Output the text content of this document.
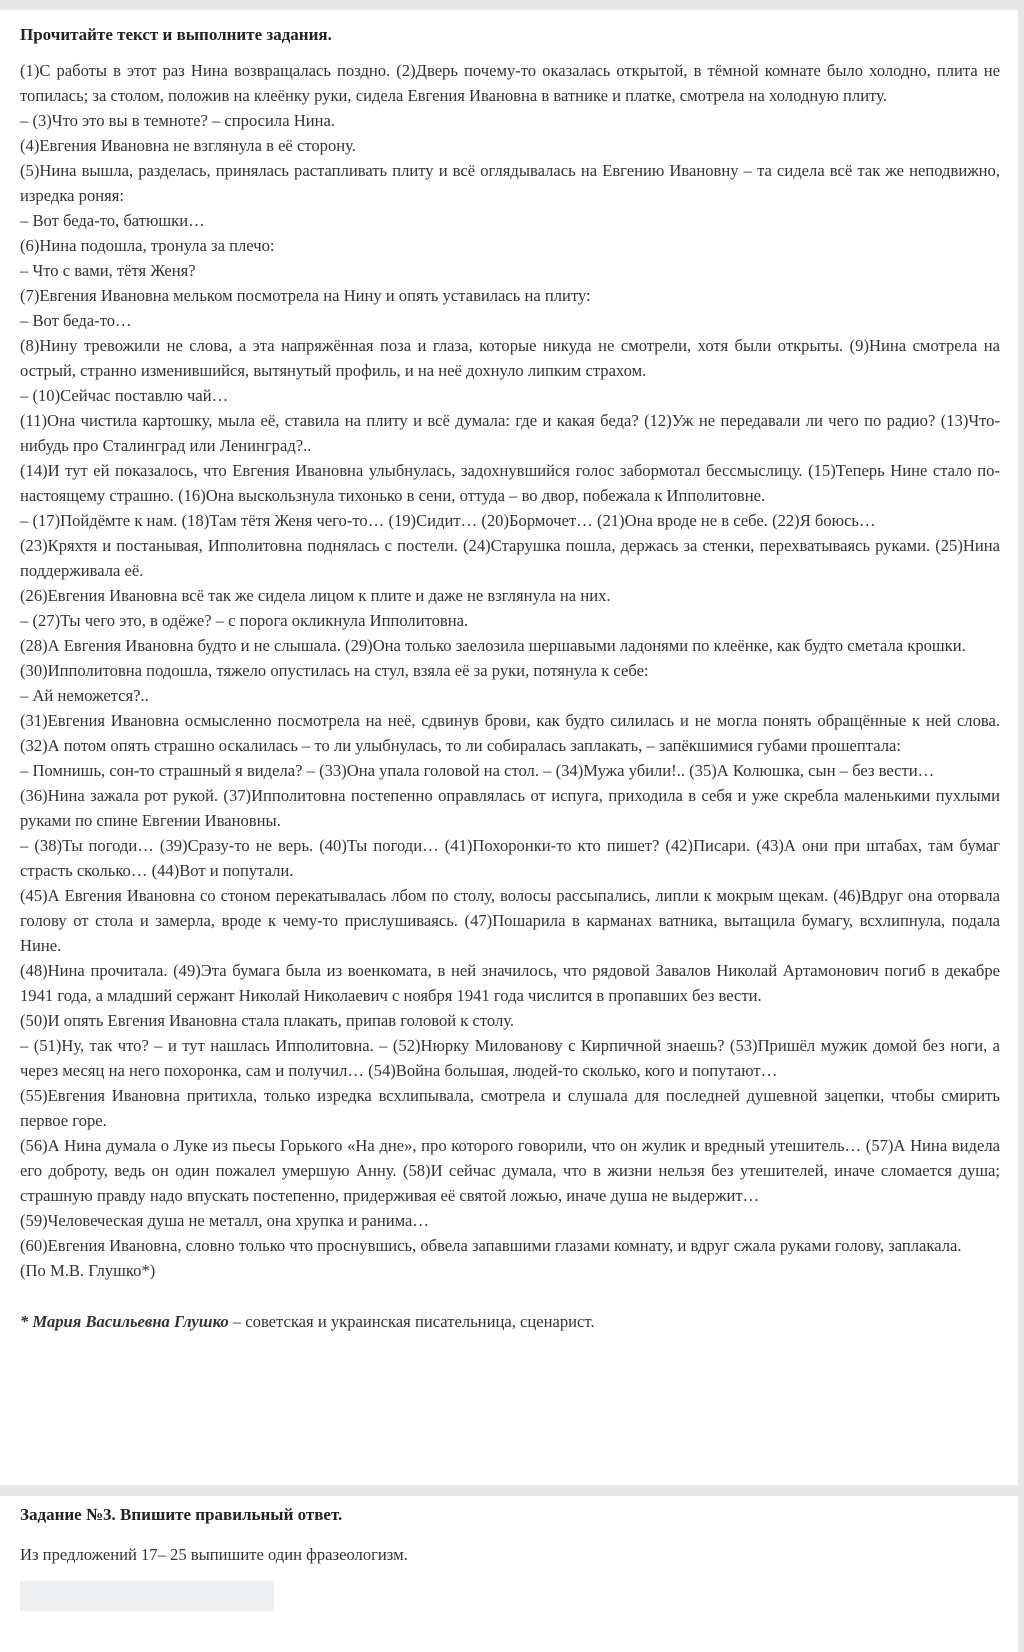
Прочитайте текст и выполните задания.

(1)С работы в этот раз Нина возвращалась поздно. (2)Дверь почему-то оказалась открытой, в тёмной комнате было холодно, плита не топилась; за столом, положив на клеёнку руки, сидела Евгения Ивановна в ватнике и платке, смотрела на холодную плиту.

– (3)Что это вы в темноте? – спросила Нина.

(4)Евгения Ивановна не взглянула в её сторону.

(5)Нина вышла, разделась, принялась растапливать плиту и всё оглядывалась на Евгению Ивановну – та сидела всё так же неподвижно, изредка роняя:

– Вот беда-то, батюшки…

(6)Нина подошла, тронула за плечо:

– Что с вами, тётя Женя?

(7)Евгения Ивановна мельком посмотрела на Нину и опять уставилась на плиту:

– Вот беда-то…

(8)Нину тревожили не слова, а эта напряжённая поза и глаза, которые никуда не смотрели, хотя были открыты. (9)Нина смотрела на острый, странно изменившийся, вытянутый профиль, и на неё дохнуло липким страхом.

– (10)Сейчас поставлю чай…

(11)Она чистила картошку, мыла её, ставила на плиту и всё думала: где и какая беда? (12)Уж не передавали ли чего по радио? (13)Что-нибудь про Сталинград или Ленинград?..

(14)И тут ей показалось, что Евгения Ивановна улыбнулась, задохнувшийся голос забормотал бессмыслицу. (15)Теперь Нине стало по-настоящему страшно. (16)Она выскользнула тихонько в сени, оттуда – во двор, побежала к Ипполитовне.

– (17)Пойдёмте к нам. (18)Там тётя Женя чего-то… (19)Сидит… (20)Бормочет… (21)Она вроде не в себе. (22)Я боюсь…

(23)Кряхтя и постанывая, Ипполитовна поднялась с постели. (24)Старушка пошла, держась за стенки, перехватываясь руками. (25)Нина поддерживала её.

(26)Евгения Ивановна всё так же сидела лицом к плите и даже не взглянула на них.

– (27)Ты чего это, в одёже? – с порога окликнула Ипполитовна.

(28)А Евгения Ивановна будто и не слышала. (29)Она только заелозила шершавыми ладонями по клеёнке, как будто сметала крошки.

(30)Ипполитовна подошла, тяжело опустилась на стул, взяла её за руки, потянула к себе:

– Ай неможется?..

(31)Евгения Ивановна осмысленно посмотрела на неё, сдвинув брови, как будто силилась и не могла понять обращённые к ней слова. (32)А потом опять страшно оскалилась – то ли улыбнулась, то ли собиралась заплакать, – запёкшимися губами прошептала:

– Помнишь, сон-то страшный я видела? – (33)Она упала головой на стол. – (34)Мужа убили!.. (35)А Колюшка, сын – без вести…

(36)Нина зажала рот рукой. (37)Ипполитовна постепенно оправлялась от испуга, приходила в себя и уже скребла маленькими пухлыми руками по спине Евгении Ивановны.

– (38)Ты погоди… (39)Сразу-то не верь. (40)Ты погоди… (41)Похоронки-то кто пишет? (42)Писари. (43)А они при штабах, там бумаг страсть сколько… (44)Вот и попутали.

(45)А Евгения Ивановна со стоном перекатывалась лбом по столу, волосы рассыпались, липли к мокрым щекам. (46)Вдруг она оторвала голову от стола и замерла, вроде к чему-то прислушиваясь. (47)Пошарила в карманах ватника, вытащила бумагу, всхлипнула, подала Нине.

(48)Нина прочитала. (49)Эта бумага была из военкомата, в ней значилось, что рядовой Завалов Николай Артамонович погиб в декабре 1941 года, а младший сержант Николай Николаевич с ноября 1941 года числится в пропавших без вести.

(50)И опять Евгения Ивановна стала плакать, припав головой к столу.

– (51)Ну, так что? – и тут нашлась Ипполитовна. – (52)Нюрку Милованову с Кирпичной знаешь? (53)Пришёл мужик домой без ноги, а через месяц на него похоронка, сам и получил… (54)Война большая, людей-то сколько, кого и попутают…

(55)Евгения Ивановна притихла, только изредка всхлипывала, смотрела и слушала для последней душевной зацепки, чтобы смирить первое горе.

(56)А Нина думала о Луке из пьесы Горького «На дне», про которого говорили, что он жулик и вредный утешитель… (57)А Нина видела его доброту, ведь он один пожалел умершую Анну. (58)И сейчас думала, что в жизни нельзя без утешителей, иначе сломается душа; страшную правду надо впускать постепенно, придерживая её святой ложью, иначе душа не выдержит…

(59)Человеческая душа не металл, она хрупка и ранима…

(60)Евгения Ивановна, словно только что проснувшись, обвела запавшими глазами комнату, и вдруг сжала руками голову, заплакала.

(По М.В. Глушко*)

* Мария Васильевна Глушко – советская и украинская писательница, сценарист.
Задание №3. Впишите правильный ответ.
Из предложений 17– 25 выпишите один фразеологизм.
